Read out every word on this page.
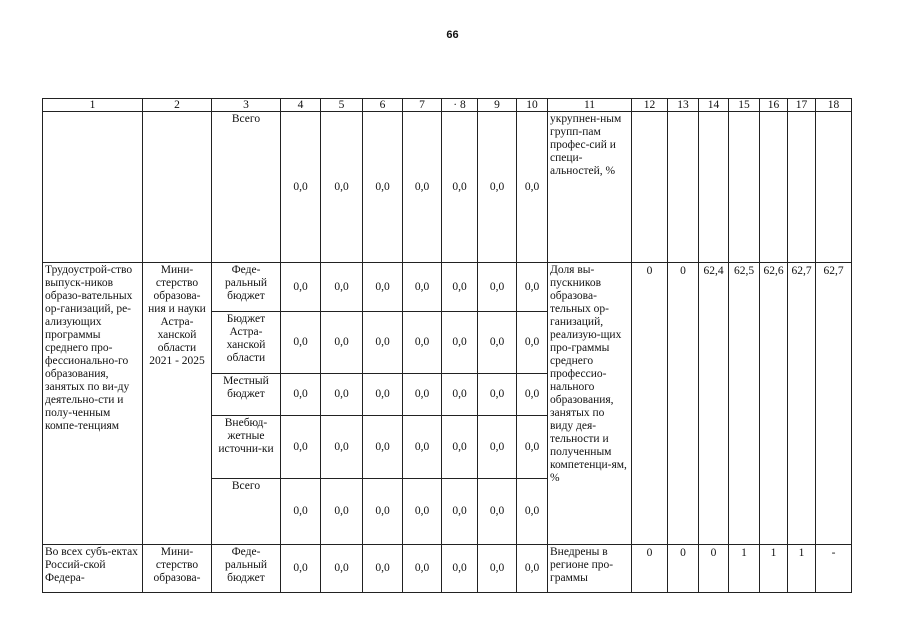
66
1	2	3	4	5	6	7	· 8	9	10	11	12	13	14	15	16	17	18
		Всего	0,0	0,0	0,0	0,0	0,0	0,0	0,0	укрупнен-ным групп-пам профес-сий и специ-альностей, %							
Трудоустрой-ство выпуск-ников образо-вательных ор-ганизаций, ре-ализующих программы среднего про-фессионально-го образования, занятых по ви-ду деятельно-сти и полу-ченным компе-тенциям	Мини-стерство образова-ния и науки Астра-ханской области 2021 - 2025	Феде-ральный бюджет	0,0	0,0	0,0	0,0	0,0	0,0	0,0	Доля вы-пускников образова-тельных ор-ганизаций, реализую-щих про-граммы среднего профессио-нального образования, занятых по виду дея-тельности и полученным компетенци-ям, %	0	0	62,4	62,5	62,6	62,7	62,7
		Бюджет Астра-ханской области	0,0	0,0	0,0	0,0	0,0	0,0	0,0								
		Местный бюджет	0,0	0,0	0,0	0,0	0,0	0,0	0,0								
		Внебюд-жетные источни-ки	0,0	0,0	0,0	0,0	0,0	0,0	0,0								
		Всего	0,0	0,0	0,0	0,0	0,0	0,0	0,0								
Во всех субъ-ектах Россий-ской Федера-	Мини-стерство образова-	Феде-ральный бюджет	0,0	0,0	0,0	0,0	0,0	0,0	0,0	Внедрены в регионе про-граммы	0	0	0	1	1	1	-
